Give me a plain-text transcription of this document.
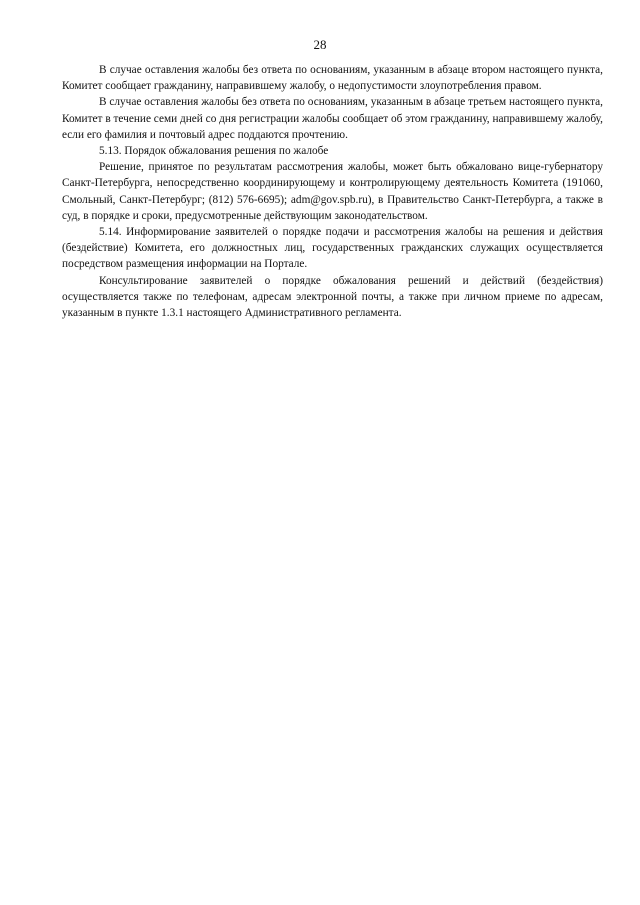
28

В случае оставления жалобы без ответа по основаниям, указанным в абзаце втором настоящего пункта, Комитет сообщает гражданину, направившему жалобу, о недопустимости злоупотребления правом.

В случае оставления жалобы без ответа по основаниям, указанным в абзаце третьем настоящего пункта, Комитет в течение семи дней со дня регистрации жалобы сообщает об этом гражданину, направившему жалобу, если его фамилия и почтовый адрес поддаются прочтению.

5.13. Порядок обжалования решения по жалобе

Решение, принятое по результатам рассмотрения жалобы, может быть обжаловано вице-губернатору Санкт-Петербурга, непосредственно координирующему и контролирующему деятельность Комитета (191060, Смольный, Санкт-Петербург; (812) 576-6695); adm@gov.spb.ru), в Правительство Санкт-Петербурга, а также в суд, в порядке и сроки, предусмотренные действующим законодательством.

5.14. Информирование заявителей о порядке подачи и рассмотрения жалобы на решения и действия (бездействие) Комитета, его должностных лиц, государственных гражданских служащих осуществляется посредством размещения информации на Портале.

Консультирование заявителей о порядке обжалования решений и действий (бездействия) осуществляется также по телефонам, адресам электронной почты, а также при личном приеме по адресам, указанным в пункте 1.3.1 настоящего Административного регламента.
